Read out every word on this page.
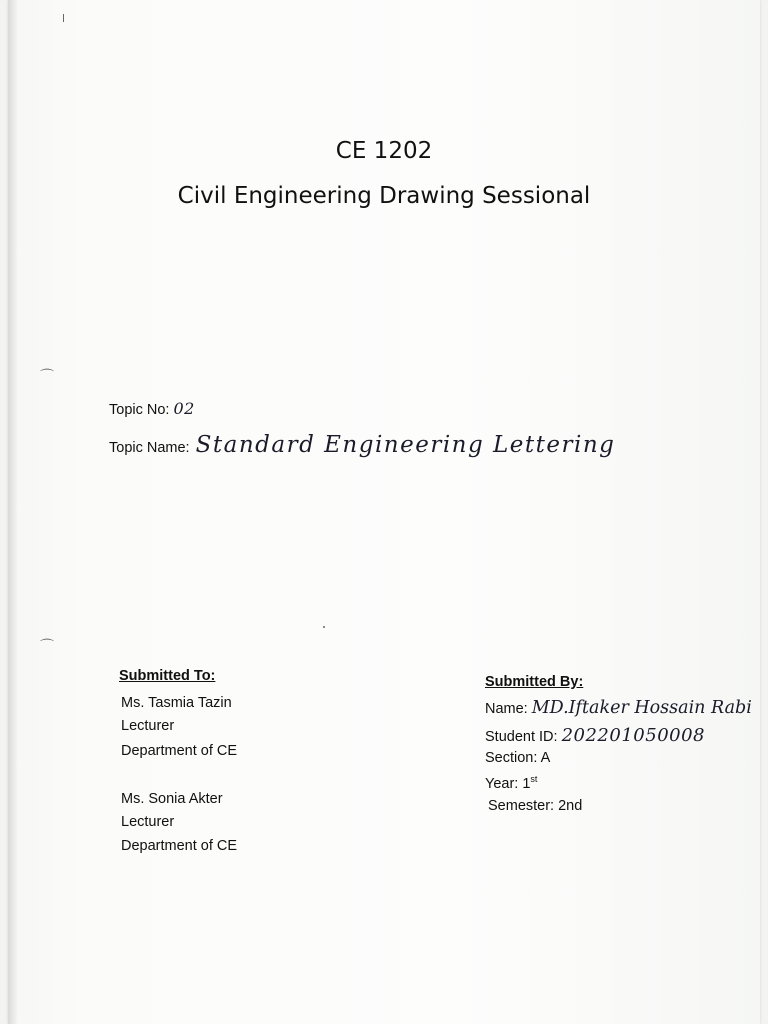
⌒
⌒
CE 1202
Civil Engineering Drawing Sessional
Topic No: 02
Topic Name: Standard Engineering Lettering
Submitted To:
Ms. Tasmia Tazin
Lecturer
Department of CE
Ms. Sonia Akter
Lecturer
Department of CE
Submitted By:
Name: MD.Iftaker Hossain Rabi
Student ID: 202201050008
Section: A
Year: 1st
Semester: 2nd
